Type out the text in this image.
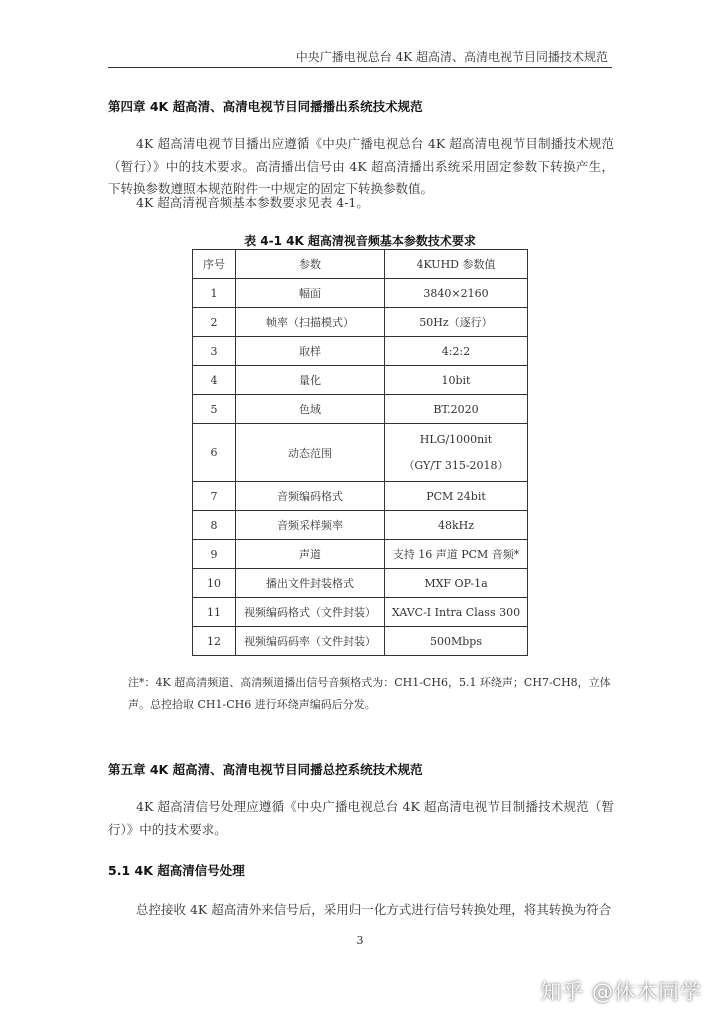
中央广播电视总台 4K 超高清、高清电视节目同播技术规范
第四章 4K 超高清、高清电视节目同播播出系统技术规范

4K 超高清电视节目播出应遵循《中央广播电视总台 4K 超高清电视节目制播技术规范（暂行）》中的技术要求。高清播出信号由 4K 超高清播出系统采用固定参数下转换产生，下转换参数遵照本规范附件一中规定的固定下转换参数值。

4K 超高清视音频基本参数要求见表 4-1。

表 4-1 4K 超高清视音频基本参数技术要求
序号	参数	4KUHD 参数值
1	幅面	3840×2160
2	帧率（扫描模式）	50Hz（逐行）
3	取样	4:2:2
4	量化	10bit
5	色域	BT.2020
6	动态范围	HLG/1000nit
（GY/T 315-2018）

7	音频编码格式	PCM 24bit
8	音频采样频率	48kHz
9	声道	支持 16 声道 PCM 音频*
10	播出文件封装格式	MXF OP-1a
11	视频编码格式（文件封装）	XAVC-I Intra Class 300
12	视频编码码率（文件封装）	500Mbps

注*：4K 超高清频道、高清频道播出信号音频格式为：CH1-CH6，5.1 环绕声；CH7-CH8，立体声。总控拾取 CH1-CH6 进行环绕声编码后分发。

第五章 4K 超高清、高清电视节目同播总控系统技术规范

4K 超高清信号处理应遵循《中央广播电视总台 4K 超高清电视节目制播技术规范（暂行）》中的技术要求。

5.1 4K 超高清信号处理

总控接收 4K 超高清外来信号后，采用归一化方式进行信号转换处理，将其转换为符合

3
知乎 @休木同学
